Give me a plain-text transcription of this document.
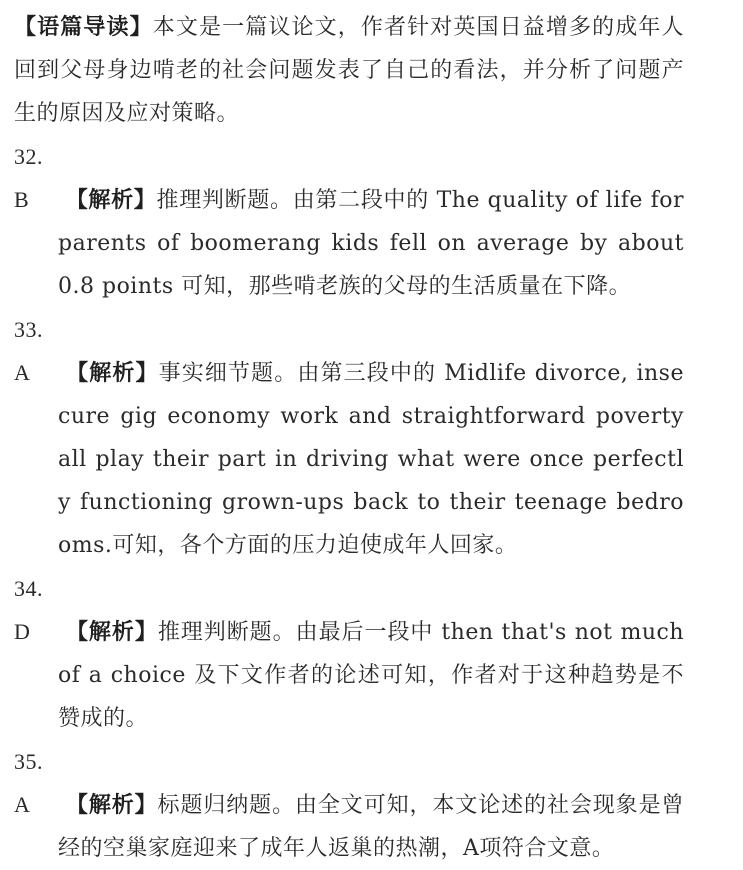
【语篇导读】本文是一篇议论文，作者针对英国日益增多的成年人回到父母身边啃老的社会问题发表了自己的看法，并分析了问题产生的原因及应对策略。
32.B 【解析】推理判断题。由第二段中的 The quality of life for parents of boomerang kids fell on average by about 0.8 points 可知，那些啃老族的父母的生活质量在下降。
33.A 【解析】事实细节题。由第三段中的 Midlife divorce, insecure gig economy work and straightforward poverty all play their part in driving what were once perfectly functioning grown-ups back to their teenage bedrooms.可知，各个方面的压力迫使成年人回家。
34.D 【解析】推理判断题。由最后一段中 then that's not much of a choice 及下文作者的论述可知，作者对于这种趋势是不赞成的。
35.A 【解析】标题归纳题。由全文可知，本文论述的社会现象是曾经的空巢家庭迎来了成年人返巢的热潮，A项符合文意。
